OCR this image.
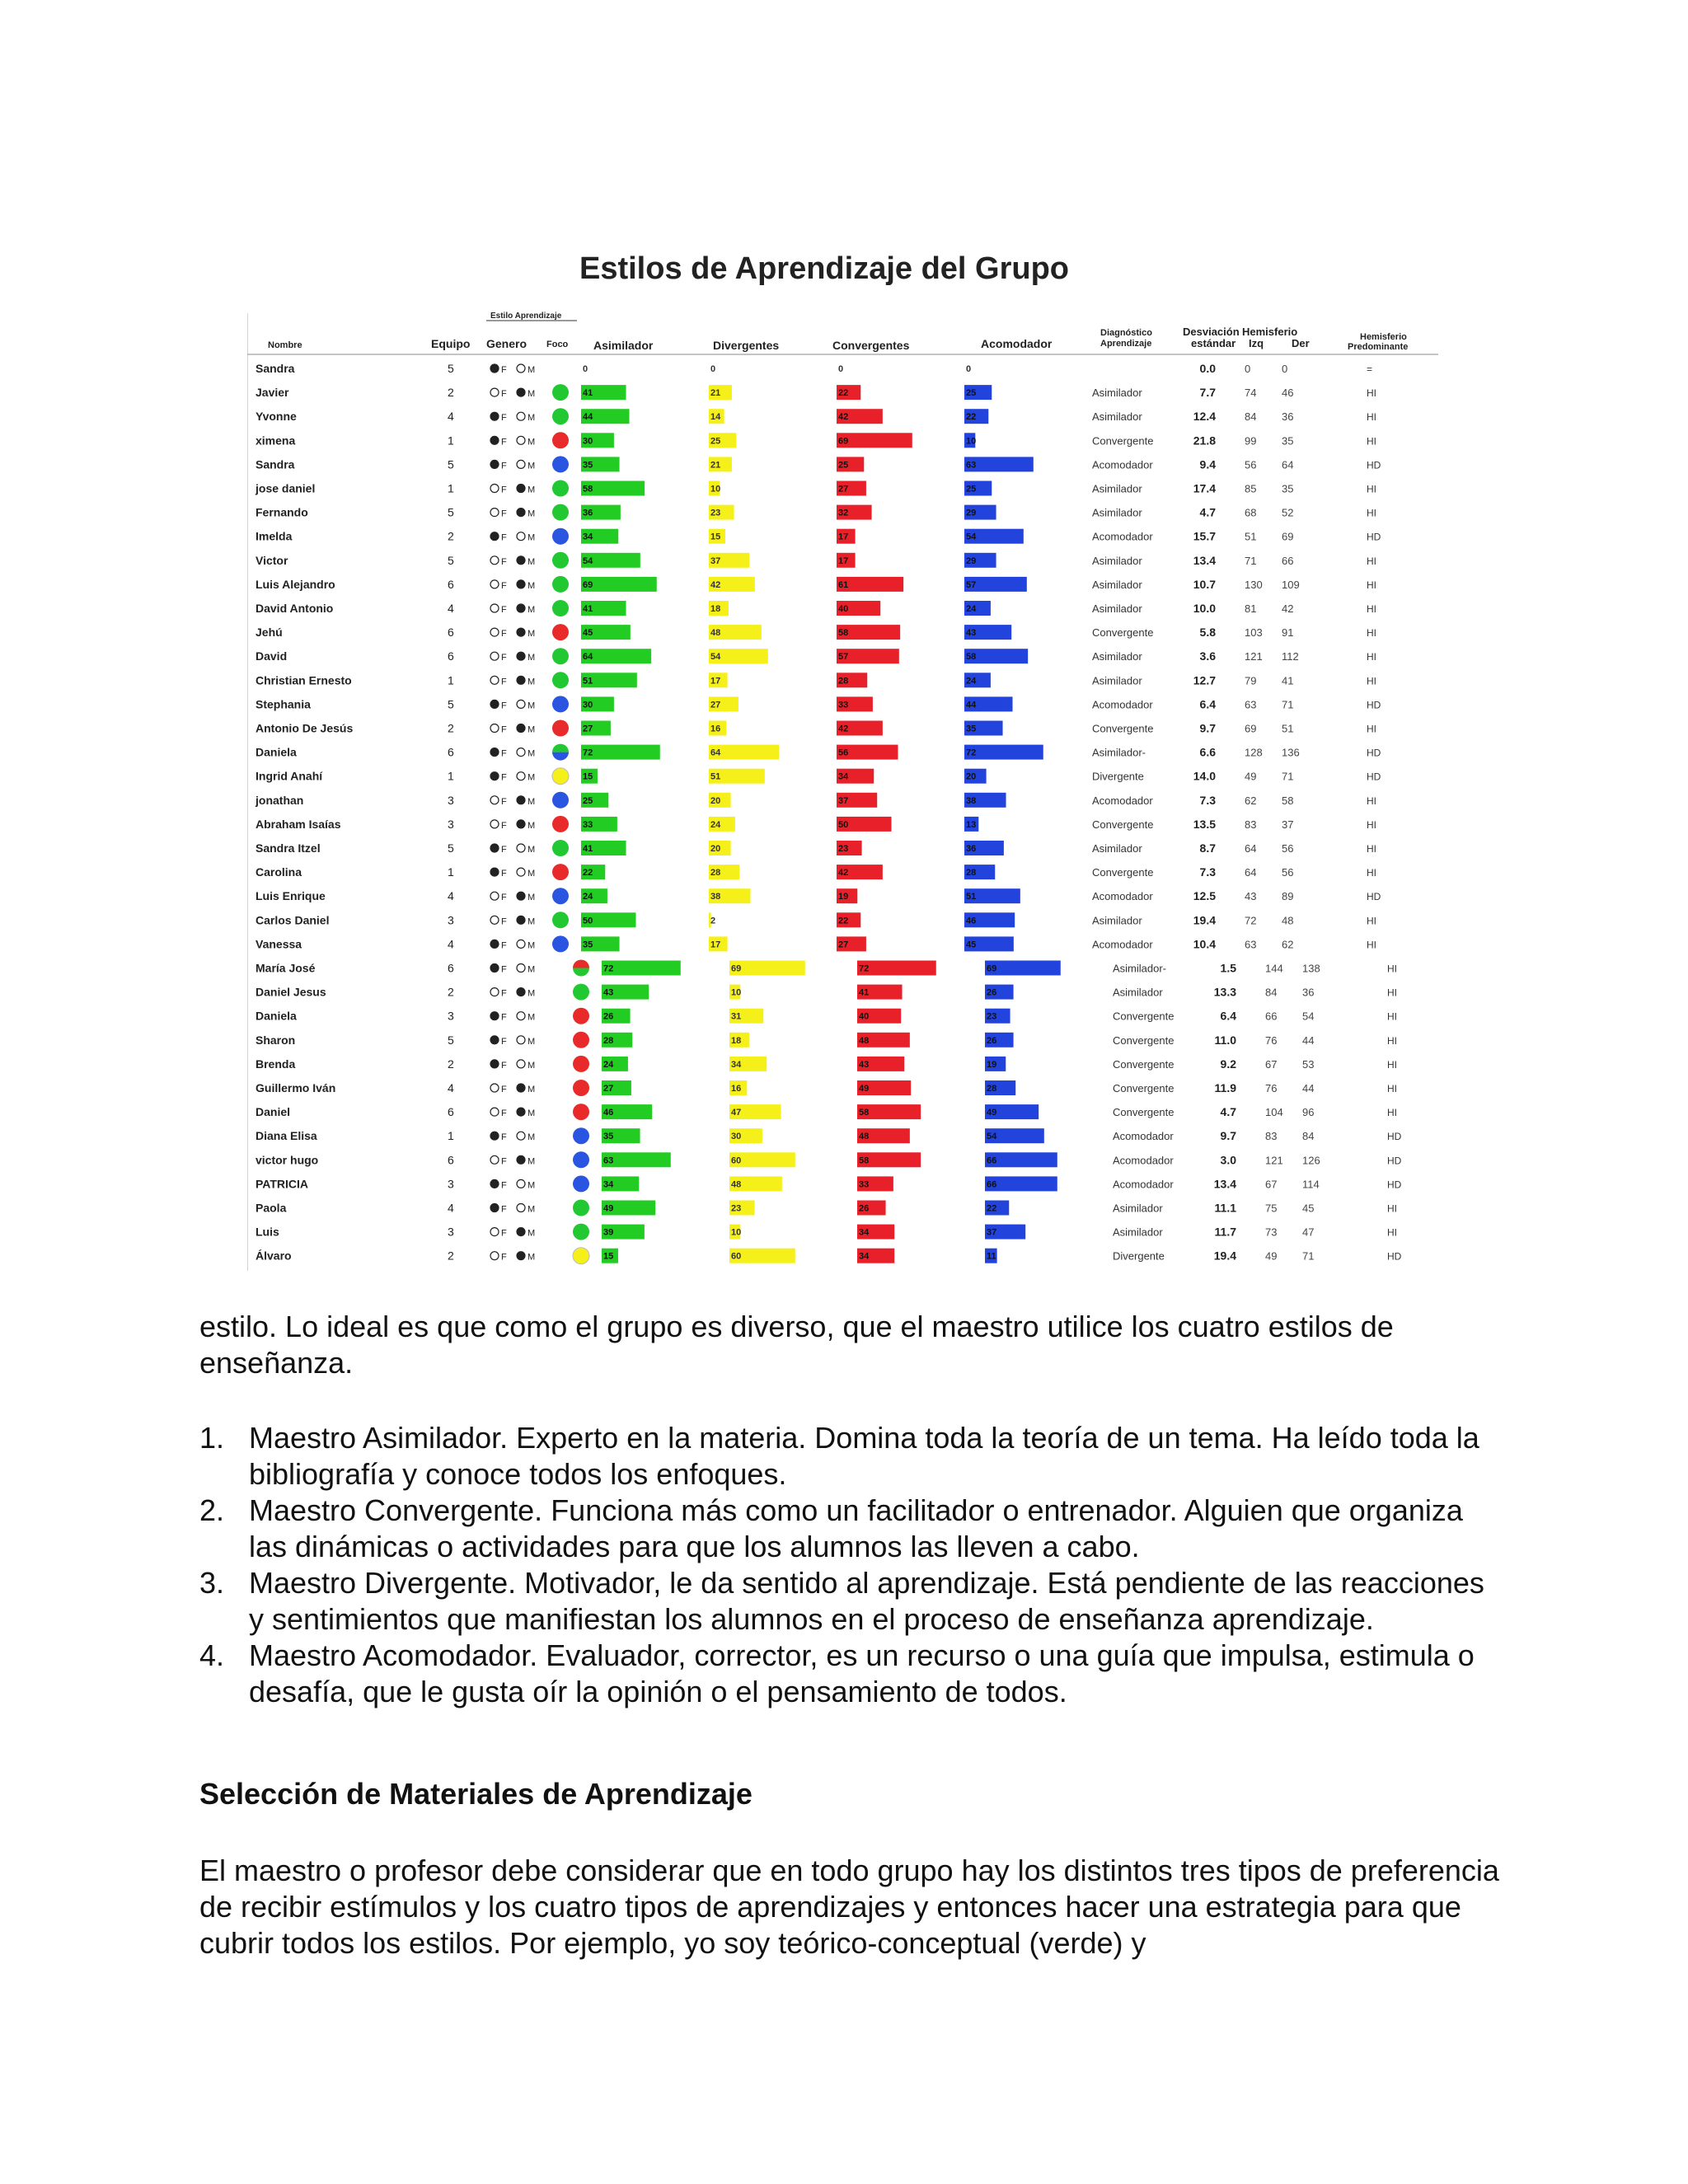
Estilos de Aprendizaje del Grupo
Estilo Aprendizaje
Nombre	Equipo Genero Foco Asimilador	Divergentes	Convergentes	Acomodador
Diagnóstico
Aprendizaje
Desviación
estándar
Hemisferio
Izq	Der	Hemisferio
Predominante
Sandra	5	F M	0	0	0	0	0.0	0	0	=
Javier	2	F M	41	21	22	25	Asimilador	7.7	74 46	HI
Yvonne	4	F M	44	14	42	22	Asimilador	12.4	84 36	HI
ximena	1	F M	30	25	69	10	Convergente	21.8	99 35	HI
Sandra	5	F M	35	21	25	63	Acomodador	9.4	56 64	HD
jose daniel	1	F M	58	10	27	25	Asimilador	17.4	85 35	HI
Fernando	5	F M	36	23	32	29	Asimilador	4.7	68 52	HI
Imelda	2	F M	34	15	17	54	Acomodador	15.7	51 69	HD
Victor	5	F M	54	37	17	29	Asimilador	13.4	71 66	HI
Luis Alejandro	6	F M	69	42	61	57	Asimilador	10.7	130 109	HI
David Antonio	4	F M	41	18	40	24	Asimilador	10.0	81 42	HI
Jehú	6	F M	45	48	58	43	Convergente	5.8	103 91	HI
David	6	F M	64	54	57	58	Asimilador	3.6	121 112	HI
Christian Ernesto	1	F M	51	17	28	24	Asimilador	12.7	79 41	HI
Stephania	5	F M	30	27	33	44	Acomodador	6.4	63 71	HD
Antonio De Jesús	2	F M	27	16	42	35	Convergente	9.7	69 51	HI
Daniela	6	F M	72	64	56	72	Asimilador-	6.6	128 136	HD
Ingrid Anahí	1	F M	15	51	34	20	Divergente	14.0	49 71	HD
jonathan	3	F M	25	20	37	38	Acomodador	7.3	62 58	HI
Abraham Isaías	3	F M	33	24	50	13	Convergente	13.5	83 37	HI
Sandra Itzel	5	F M	41	20	23	36	Asimilador	8.7	64 56	HI
Carolina	1	F M	22	28	42	28	Convergente	7.3	64 56	HI
Luis Enrique	4	F M	24	38	19	51	Acomodador	12.5	43 89	HD
Carlos Daniel	3	F M	50	2	22	46	Asimilador	19.4	72 48	HI
Vanessa	4	F M	35	17	27	45	Acomodador	10.4	63 62	HI
María José	6	F M	72	69	72	69	Asimilador-	1.5	144 138	HI
Daniel Jesus	2	F M	43	10	41	26	Asimilador	13.3	84 36	HI
Daniela	3	F M	26	31	40	23	Convergente	6.4	66 54	HI
Sharon	5	F M	28	18	48	26	Convergente	11.0	76 44	HI
Brenda	2	F M	24	34	43	19	Convergente	9.2	67 53	HI
Guillermo Iván	4	F M	27	16	49	28	Convergente	11.9	76 44	HI
Daniel	6	F M	46	47	58	49	Convergente	4.7	104 96	HI
Diana Elisa	1	F M	35	30	48	54	Acomodador	9.7	83 84	HD
victor hugo	6	F M	63	60	58	66	Acomodador	3.0	121 126	HD
PATRICIA	3	F M	34	48	33	66	Acomodador	13.4	67 114	HD
Paola	4	F M	49	23	26	22	Asimilador	11.1	75 45	HI
Luis	3	F M	39	10	34	37	Asimilador	11.7	73 47	HI
Álvaro	2	F M	15	60	34	11	Divergente	19.4	49 71	HD
estilo. Lo ideal es que como el grupo es diverso, que el maestro utilice los cuatro estilos de enseñanza.
1. Maestro Asimilador. Experto en la materia. Domina toda la teoría de un tema. Ha leído toda la bibliografía y conoce todos los enfoques.
2. Maestro Convergente. Funciona más como un facilitador o entrenador. Alguien que organiza las dinámicas o actividades para que los alumnos las lleven a cabo.
3. Maestro Divergente. Motivador, le da sentido al aprendizaje. Está pendiente de las reacciones y sentimientos que manifiestan los alumnos en el proceso de enseñanza aprendizaje.
4. Maestro Acomodador. Evaluador, corrector, es un recurso o una guía que impulsa, estimula o desafía, que le gusta oír la opinión o el pensamiento de todos.
Selección de Materiales de Aprendizaje
El maestro o profesor debe considerar que en todo grupo hay los distintos tres tipos de preferencia de recibir estímulos y los cuatro tipos de aprendizajes y entonces hacer una estrategia para que cubrir todos los estilos. Por ejemplo, yo soy teórico-conceptual (verde) y
